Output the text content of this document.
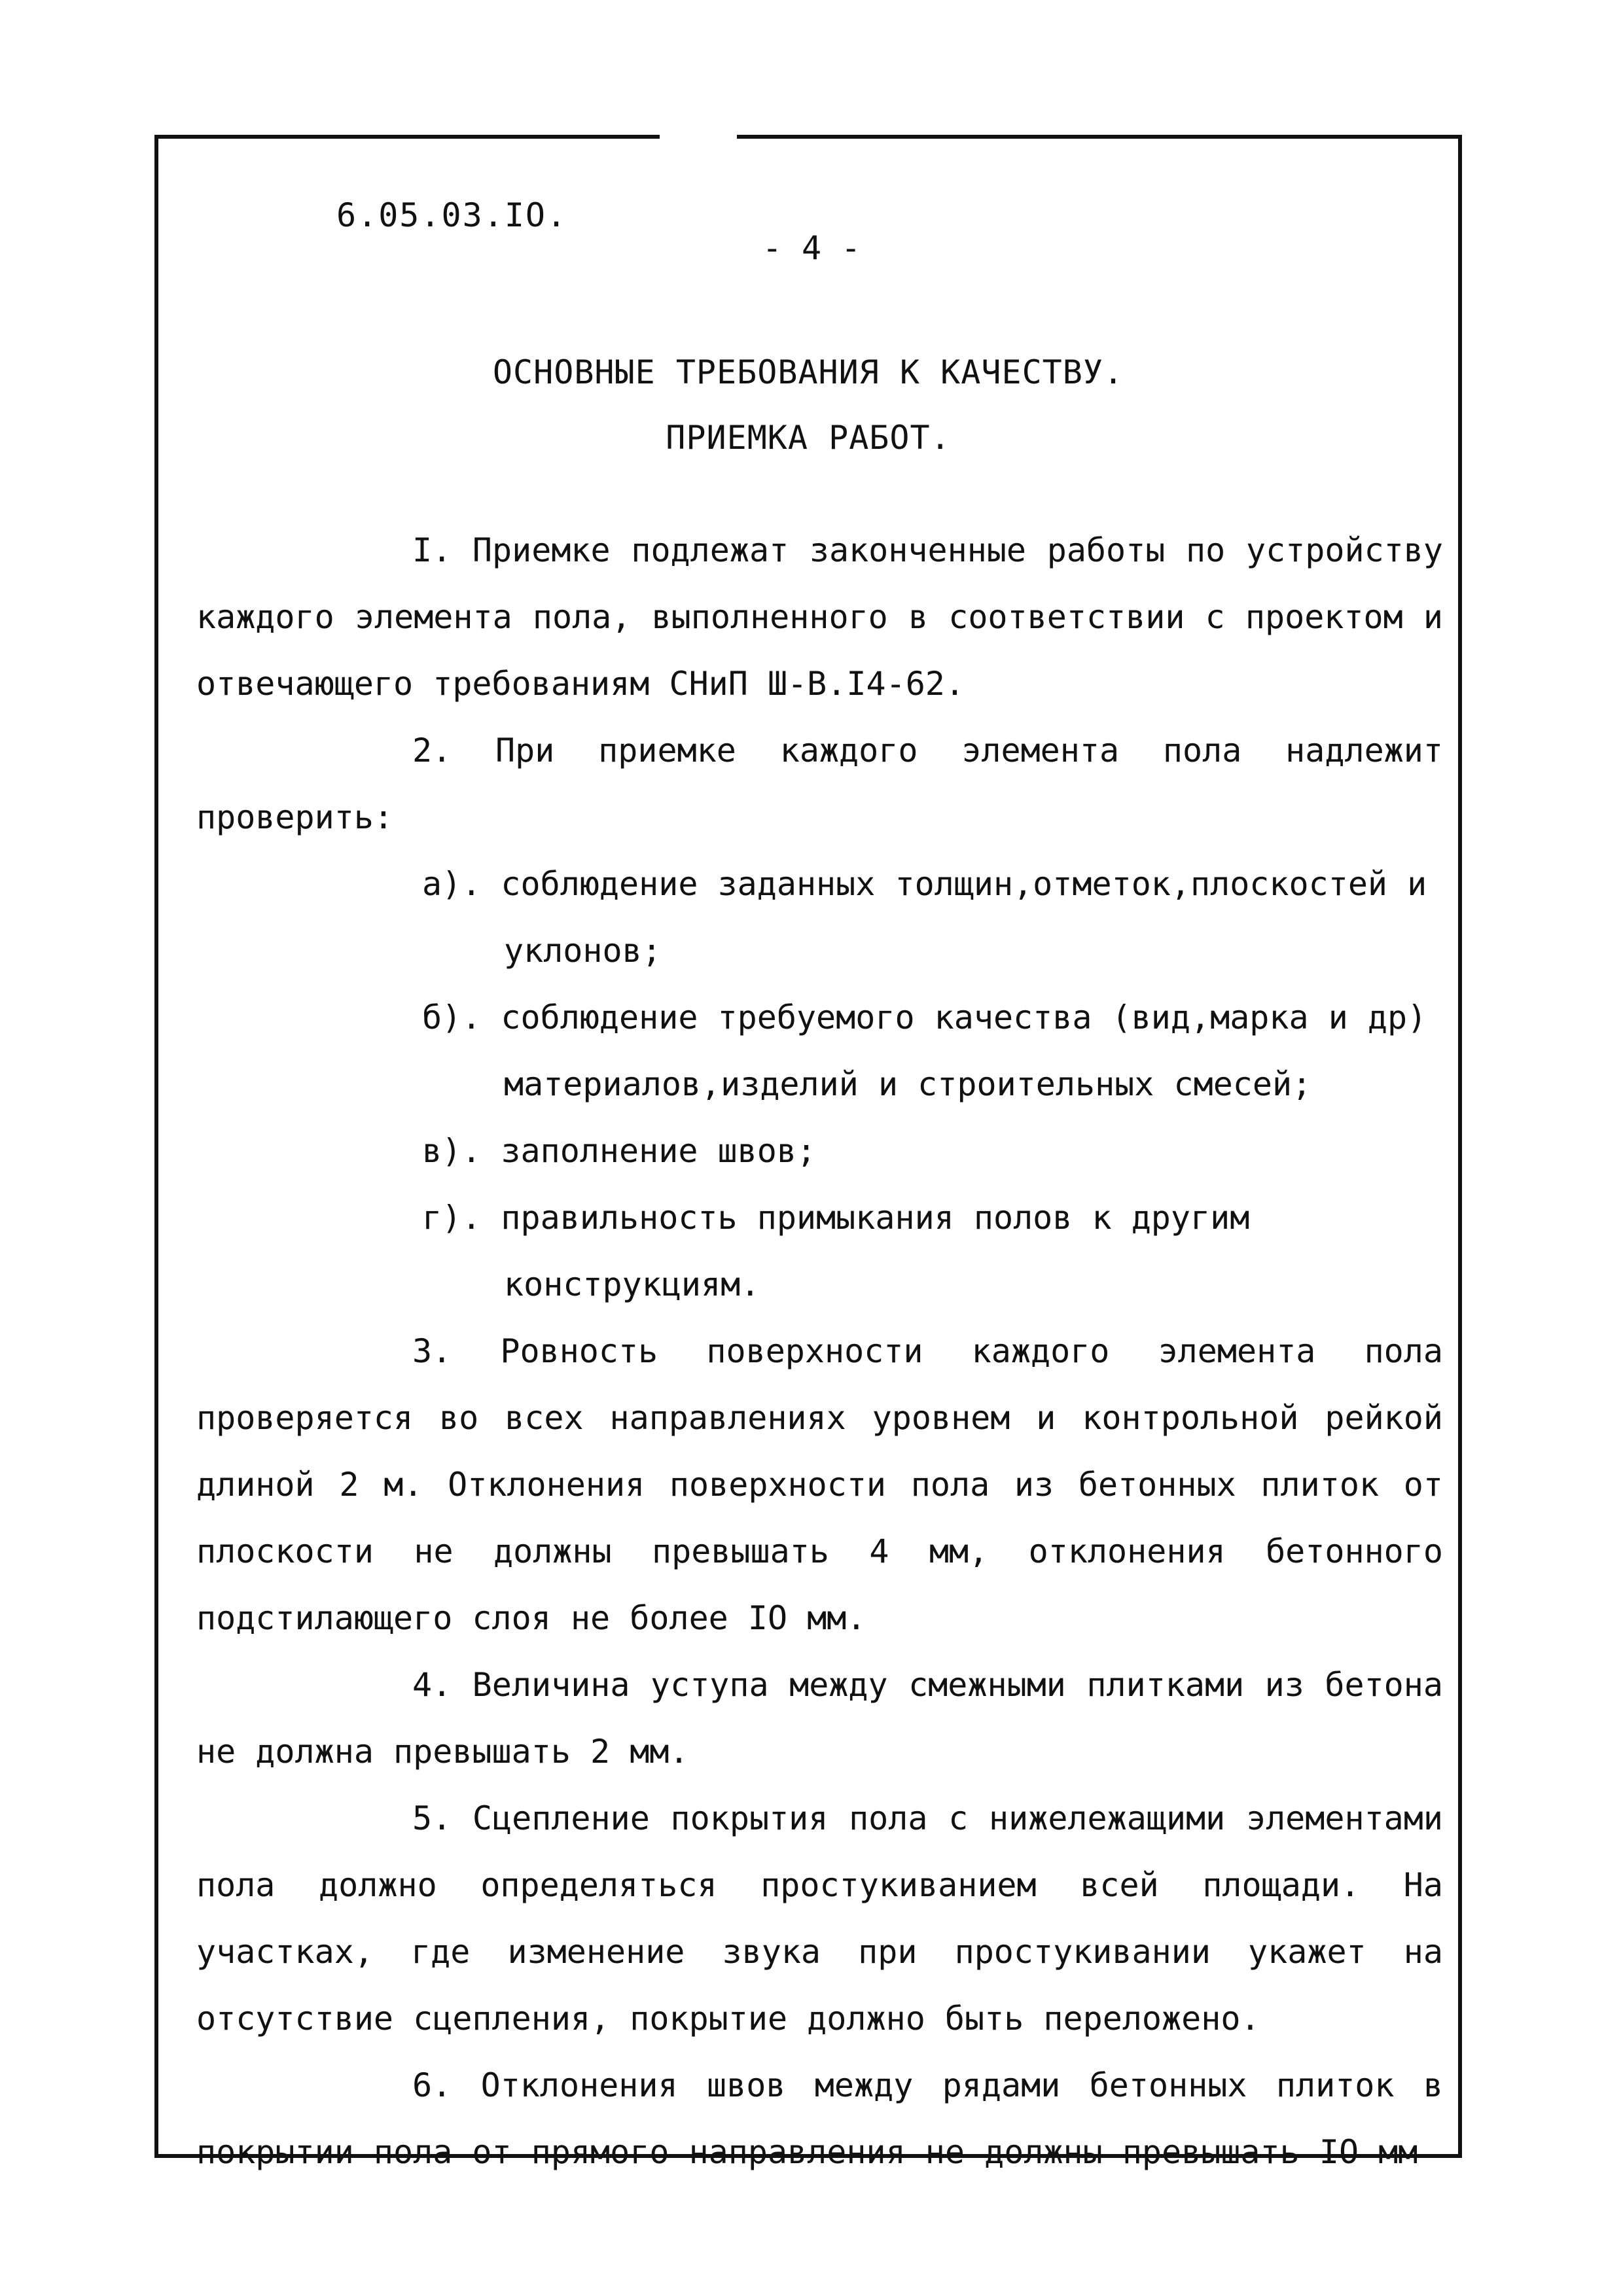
6.05.03.IO.
- 4 -
ОСНОВНЫЕ ТРЕБОВАНИЯ К КАЧЕСТВУ.
ПРИЕМКА РАБОТ.

I. Приемке подлежат законченные работы по устройству каждого элемента пола, выполненного в соответствии с проектом и отвечающего требованиям СНиП Ш-В.I4-62.

2. При приемке каждого элемента пола надлежит проверить:

а). соблюдение заданных толщин,отметок,плоскостей и уклонов;

б). соблюдение требуемого качества (вид,марка и др) материалов,изделий и строительных смесей;

в). заполнение швов;

г). правильность примыкания полов к другим конструкциям.

3. Ровность поверхности каждого элемента пола проверяется во всех направлениях уровнем и контрольной рейкой длиной 2 м. Отклонения поверхности пола из бетонных плиток от плоскости не должны превышать 4 мм, отклонения бетонного подстилающего слоя не более IO мм.

4. Величина уступа между смежными плитками из бетона не должна превышать 2 мм.

5. Сцепление покрытия пола с нижележащими элементами пола должно определяться простукиванием всей площади. На участках, где изменение звука при простукивании укажет на отсутствие сцепления, покрытие должно быть переложено.

6. Отклонения швов между рядами бетонных плиток в покрытии пола от прямого направления не должны превышать IO мм
